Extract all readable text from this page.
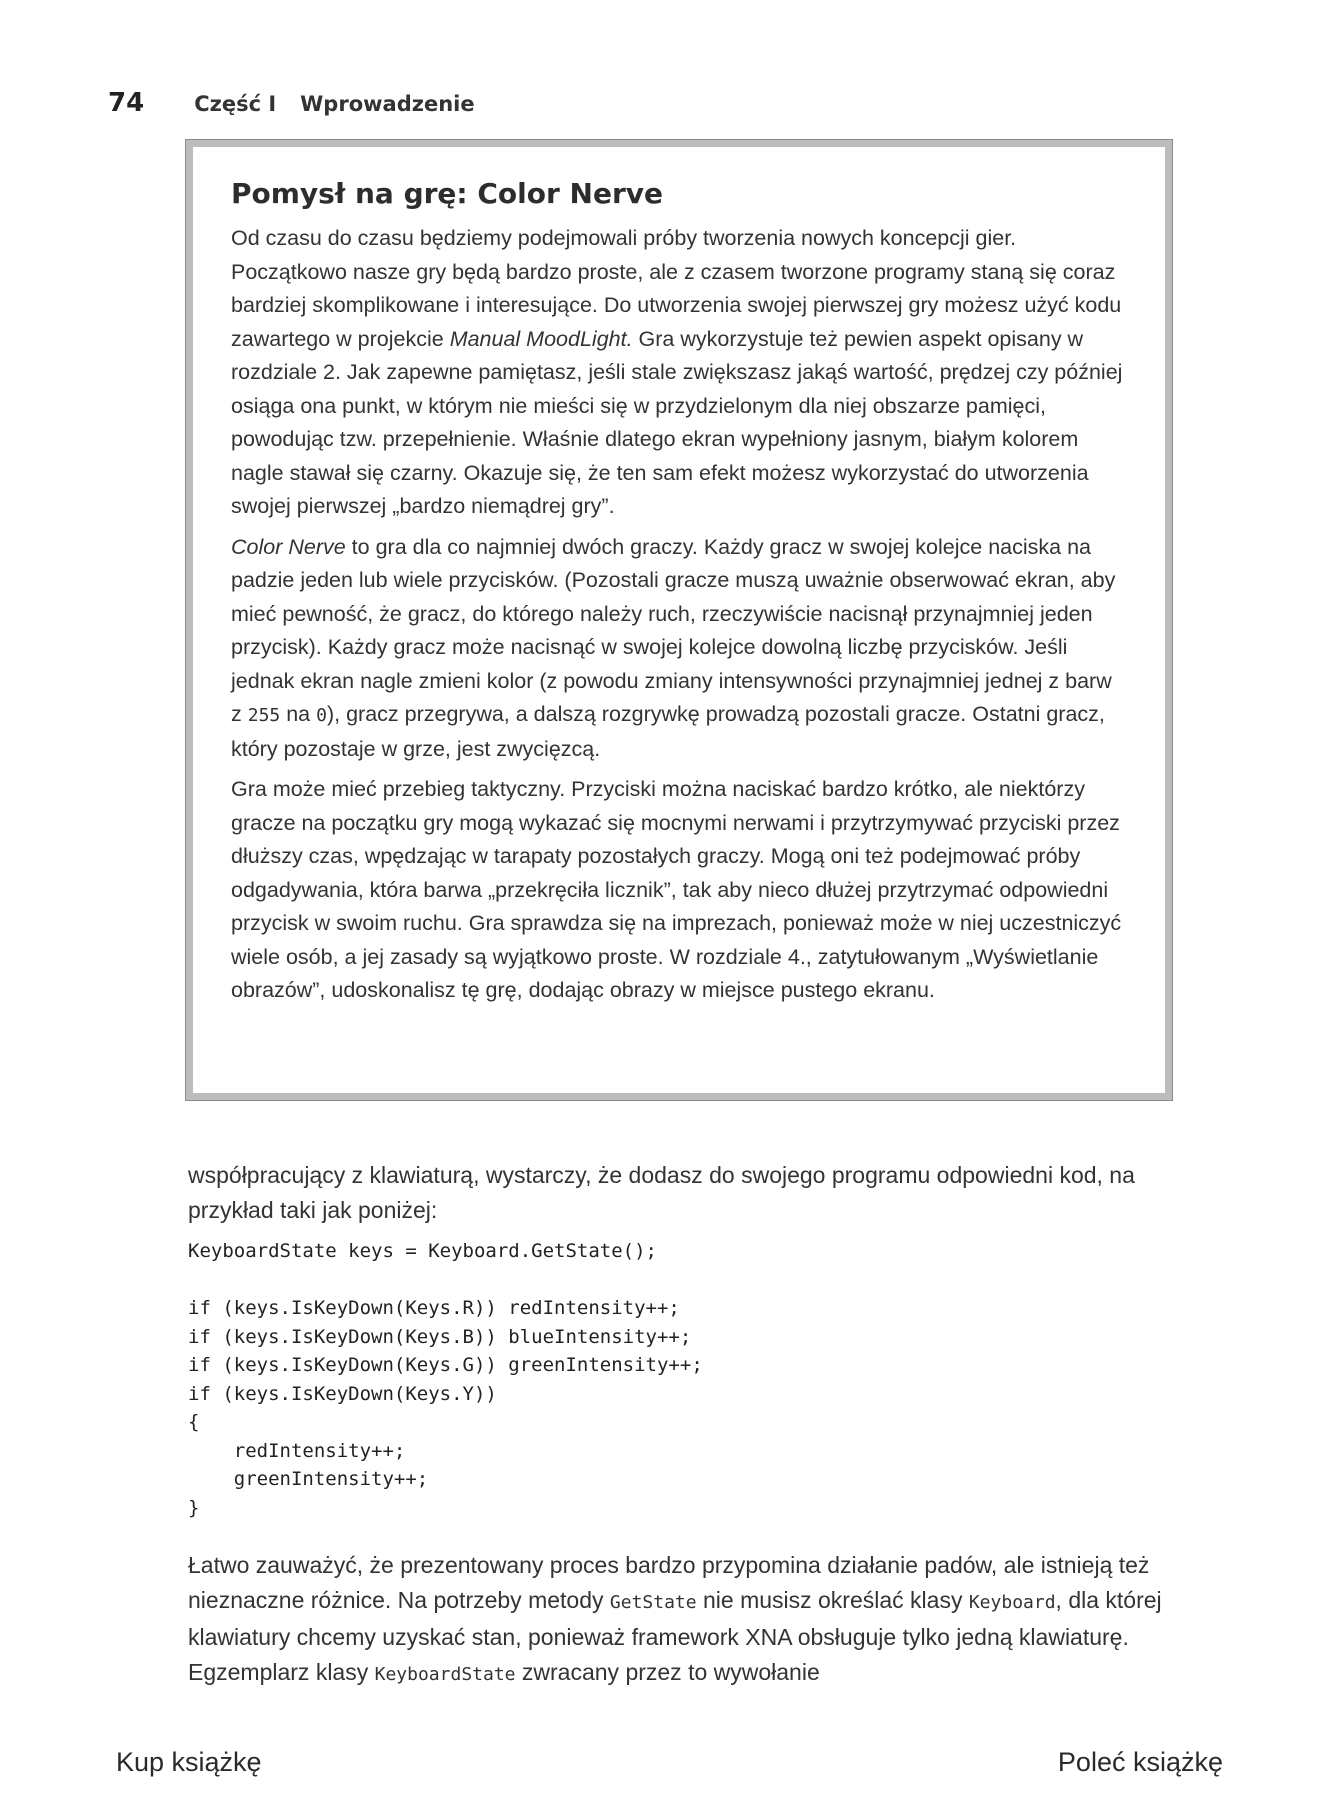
74 Część I Wprowadzenie
Pomysł na grę: Color Nerve

Od czasu do czasu będziemy podejmowali próby tworzenia nowych koncepcji gier. Początkowo nasze gry będą bardzo proste, ale z czasem tworzone programy staną się coraz bardziej skomplikowane i interesujące. Do utworzenia swojej pierwszej gry możesz użyć kodu zawartego w projekcie Manual MoodLight. Gra wykorzystuje też pewien aspekt opisany w rozdziale 2. Jak zapewne pamiętasz, jeśli stale zwiększasz jakąś wartość, prędzej czy później osiąga ona punkt, w którym nie mieści się w przydzielonym dla niej obszarze pamięci, powodując tzw. przepełnienie. Właśnie dlatego ekran wypełniony jasnym, białym kolorem nagle stawał się czarny. Okazuje się, że ten sam efekt możesz wykorzystać do utworzenia swojej pierwszej „bardzo niemądrej gry”.

Color Nerve to gra dla co najmniej dwóch graczy. Każdy gracz w swojej kolejce naciska na padzie jeden lub wiele przycisków. (Pozostali gracze muszą uważnie obserwować ekran, aby mieć pewność, że gracz, do którego należy ruch, rzeczywiście nacisnął przynajmniej jeden przycisk). Każdy gracz może nacisnąć w swojej kolejce dowolną liczbę przycisków. Jeśli jednak ekran nagle zmieni kolor (z powodu zmiany intensywności przynajmniej jednej z barw z 255 na 0), gracz przegrywa, a dalszą rozgrywkę prowadzą pozostali gracze. Ostatni gracz, który pozostaje w grze, jest zwycięzcą.

Gra może mieć przebieg taktyczny. Przyciski można naciskać bardzo krótko, ale niektórzy gracze na początku gry mogą wykazać się mocnymi nerwami i przytrzymywać przyciski przez dłuższy czas, wpędzając w tarapaty pozostałych graczy. Mogą oni też podejmować próby odgadywania, która barwa „przekręciła licznik”, tak aby nieco dłużej przytrzymać odpowiedni przycisk w swoim ruchu. Gra sprawdza się na imprezach, ponieważ może w niej uczestniczyć wiele osób, a jej zasady są wyjątkowo proste. W rozdziale 4., zatytułowanym „Wyświetlanie obrazów”, udoskonalisz tę grę, dodając obrazy w miejsce pustego ekranu.

współpracujący z klawiaturą, wystarczy, że dodasz do swojego programu odpowiedni kod, na przykład taki jak poniżej:

KeyboardState keys = Keyboard.GetState();

if (keys.IsKeyDown(Keys.R)) redIntensity++;
if (keys.IsKeyDown(Keys.B)) blueIntensity++;
if (keys.IsKeyDown(Keys.G)) greenIntensity++;
if (keys.IsKeyDown(Keys.Y))
{
redIntensity++;
greenIntensity++;
}

Łatwo zauważyć, że prezentowany proces bardzo przypomina działanie padów, ale istnieją też nieznaczne różnice. Na potrzeby metody GetState nie musisz określać klasy Keyboard, dla której klawiatury chcemy uzyskać stan, ponieważ framework XNA obsługuje tylko jedną klawiaturę. Egzemplarz klasy KeyboardState zwracany przez to wywołanie

Kup książkę	Poleć książkę
